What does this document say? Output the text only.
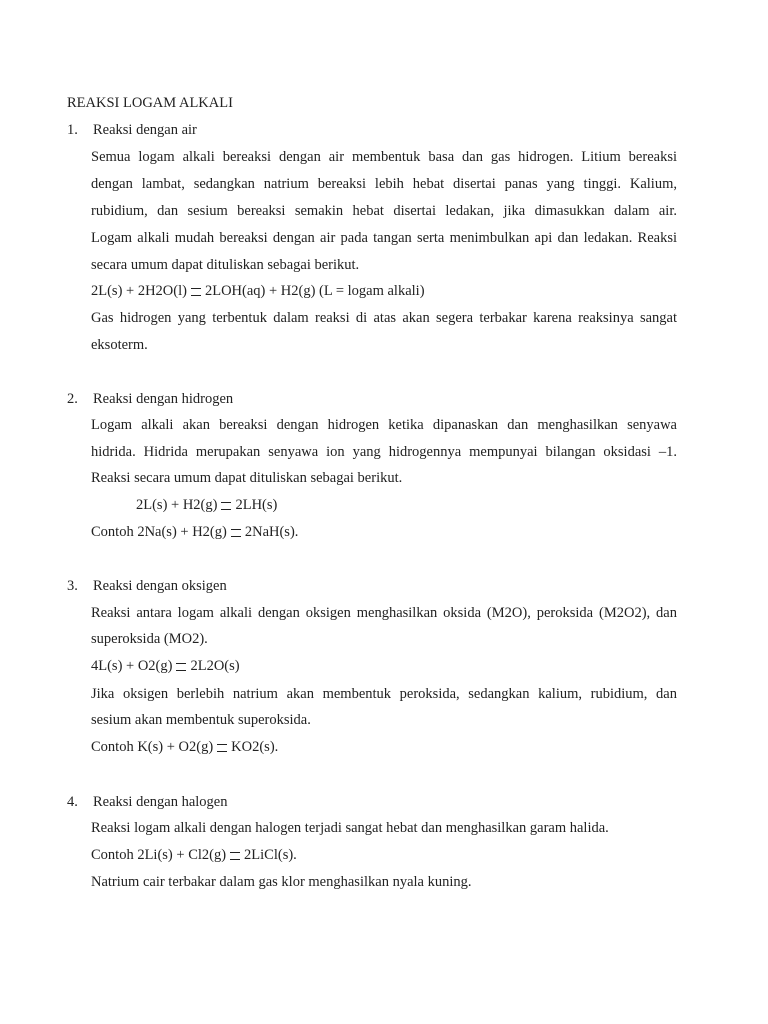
REAKSI LOGAM ALKALI
1. Reaksi dengan air
Semua logam alkali bereaksi dengan air membentuk basa dan gas hidrogen. Litium bereaksi
dengan lambat, sedangkan natrium bereaksi lebih hebat disertai panas yang tinggi. Kalium,
rubidium, dan sesium bereaksi semakin hebat disertai ledakan, jika dimasukkan dalam air.
Logam alkali mudah bereaksi dengan air pada tangan serta menimbulkan api dan ledakan. Reaksi
secara umum dapat dituliskan sebagai berikut.
2L(s) + 2H2O(l) 2LOH(aq) + H2(g) (L = logam alkali)
Gas hidrogen yang terbentuk dalam reaksi di atas akan segera terbakar karena reaksinya sangat
eksoterm.
2. Reaksi dengan hidrogen
Logam alkali akan bereaksi dengan hidrogen ketika dipanaskan dan menghasilkan senyawa
hidrida. Hidrida merupakan senyawa ion yang hidrogennya mempunyai bilangan oksidasi –1.
Reaksi secara umum dapat dituliskan sebagai berikut.
2L(s) + H2(g) 2LH(s)
Contoh 2Na(s) + H2(g) 2NaH(s).
3. Reaksi dengan oksigen
Reaksi antara logam alkali dengan oksigen menghasilkan oksida (M2O), peroksida (M2O2), dan
superoksida (MO2).
4L(s) + O2(g) 2L2O(s)
Jika oksigen berlebih natrium akan membentuk peroksida, sedangkan kalium, rubidium, dan
sesium akan membentuk superoksida.
Contoh K(s) + O2(g) KO2(s).
4. Reaksi dengan halogen
Reaksi logam alkali dengan halogen terjadi sangat hebat dan menghasilkan garam halida.
Contoh 2Li(s) + Cl2(g) 2LiCl(s).
Natrium cair terbakar dalam gas klor menghasilkan nyala kuning.
